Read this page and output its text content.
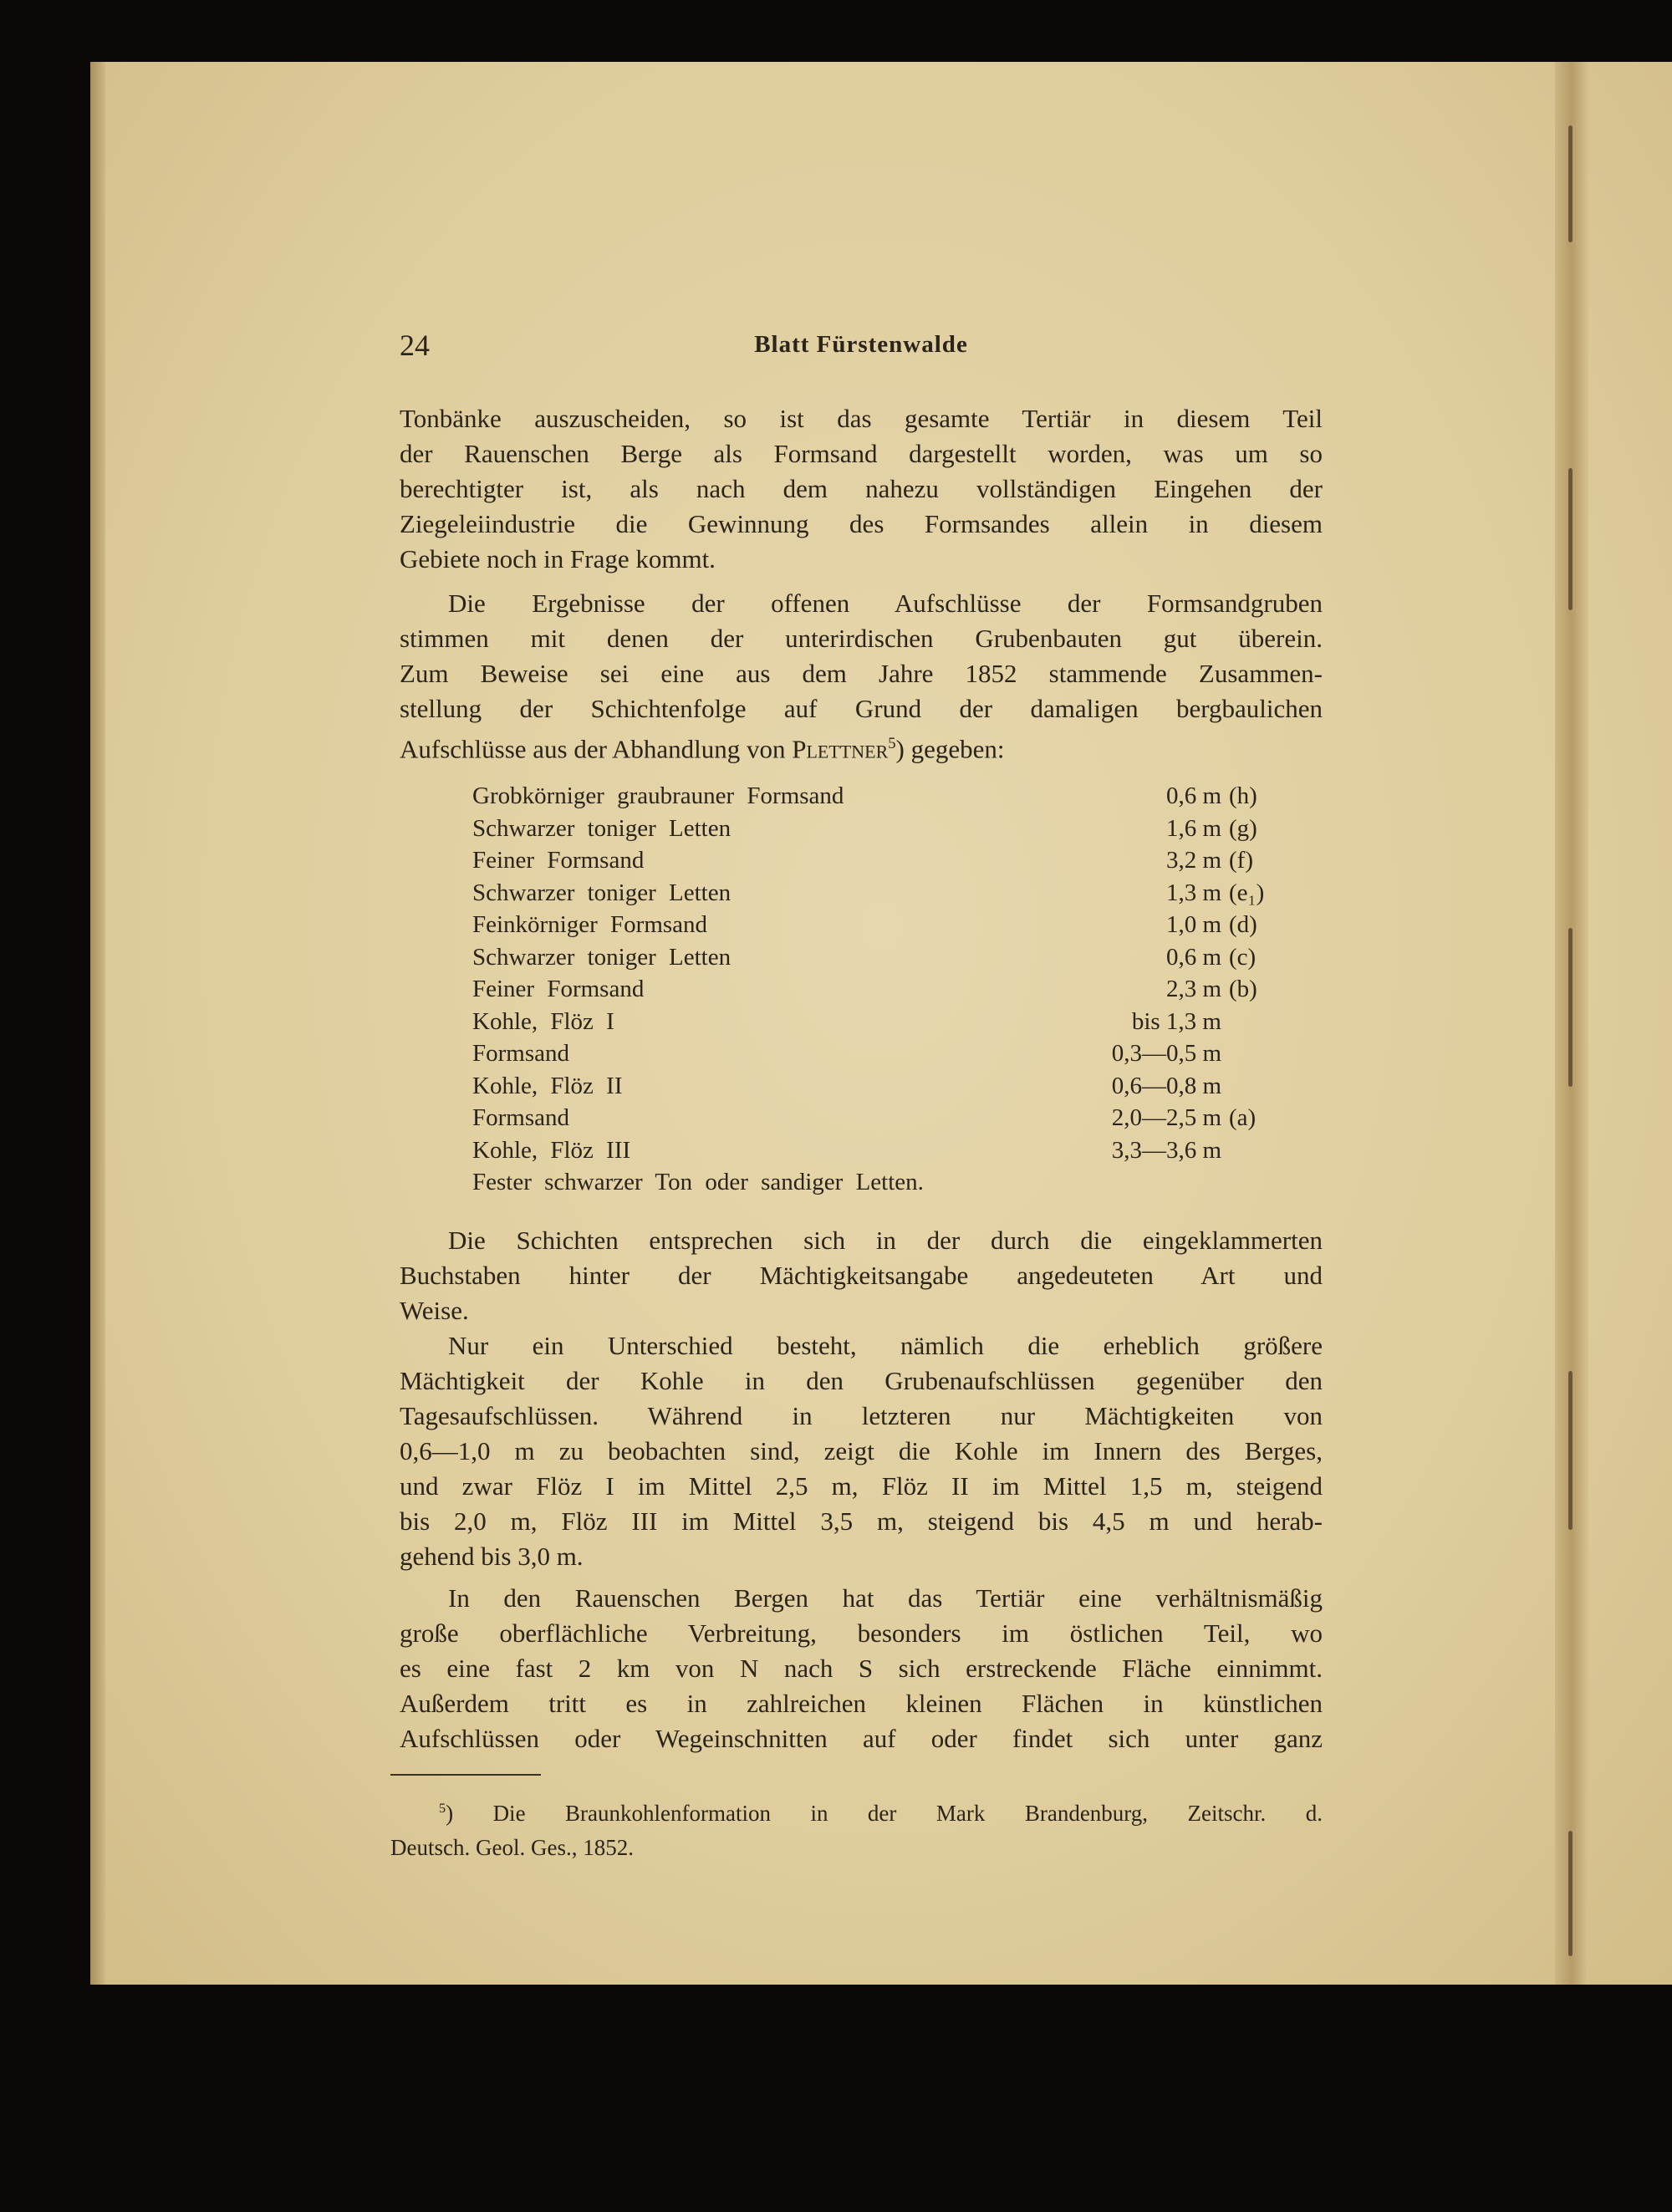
24	Blatt Fürstenwalde
Tonbänke auszuscheiden, so ist das gesamte Tertiär in diesem Teil
der Rauenschen Berge als Formsand dargestellt worden, was um so
berechtigter ist, als nach dem nahezu vollständigen Eingehen der
Ziegeleiindustrie die Gewinnung des Formsandes allein in diesem
Gebiete noch in Frage kommt.
Die Ergebnisse der offenen Aufschlüsse der Formsandgruben
stimmen mit denen der unterirdischen Grubenbauten gut überein.
Zum Beweise sei eine aus dem Jahre 1852 stammende Zusammen-
stellung der Schichtenfolge auf Grund der damaligen bergbaulichen
Aufschlüsse aus der Abhandlung von Plettner$^5$) gegeben:
Grobkörniger graubrauner Formsand	0,6 m (h)
Schwarzer toniger Letten	1,6 m (g)
Feiner Formsand	3,2 m (f)
Schwarzer toniger Letten	1,3 m (e₁)
Feinkörniger Formsand	1,0 m (d)
Schwarzer toniger Letten	0,6 m (c)
Feiner Formsand	2,3 m (b)
Kohle, Flöz I	bis 1,3 m
Formsand	0,3—0,5 m
Kohle, Flöz II	0,6—0,8 m
Formsand	2,0—2,5 m (a)
Kohle, Flöz III	3,3—3,6 m
Fester schwarzer Ton oder sandiger Letten.
Die Schichten entsprechen sich in der durch die eingeklammerten
Buchstaben hinter der Mächtigkeitsangabe angedeuteten Art und
Weise.
Nur ein Unterschied besteht, nämlich die erheblich größere
Mächtigkeit der Kohle in den Grubenaufschlüssen gegenüber den
Tagesaufschlüssen. Während in letzteren nur Mächtigkeiten von
0,6—1,0 m zu beobachten sind, zeigt die Kohle im Innern des Berges,
und zwar Flöz I im Mittel 2,5 m, Flöz II im Mittel 1,5 m, steigend
bis 2,0 m, Flöz III im Mittel 3,5 m, steigend bis 4,5 m und herab-
gehend bis 3,0 m.
In den Rauenschen Bergen hat das Tertiär eine verhältnismäßig
große oberflächliche Verbreitung, besonders im östlichen Teil, wo
es eine fast 2 km von N nach S sich erstreckende Fläche einnimmt.
Außerdem tritt es in zahlreichen kleinen Flächen in künstlichen
Aufschlüssen oder Wegeinschnitten auf oder findet sich unter ganz
$^5$) Die Braunkohlenformation in der Mark Brandenburg, Zeitschr. d.
Deutsch. Geol. Ges., 1852.
